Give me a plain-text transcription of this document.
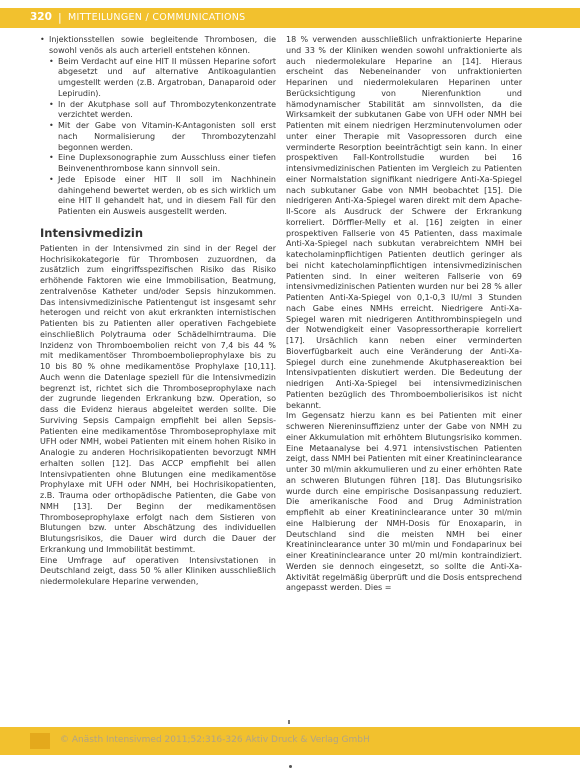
320 | MITTEILUNGEN / COMMUNICATIONS
• Injektionsstellen sowie begleitende Thrombosen, die sowohl venös als auch arteriell entstehen können.
• Beim Verdacht auf eine HIT II müssen Heparine sofort abgesetzt und auf alternative Antikoagulantien umgestellt werden (z.B. Argatroban, Danaparoid oder Lepirudin).
• In der Akutphase soll auf Thrombozytenkonzentrate verzichtet werden.
• Mit der Gabe von Vitamin-K-Antagonisten soll erst nach Normalisierung der Thrombozytenzahl begonnen werden.
• Eine Duplexsonographie zum Ausschluss einer tiefen Beinvenenthrombose kann sinnvoll sein.
• Jede Episode einer HIT II soll im Nachhinein dahingehend bewertet werden, ob es sich wirklich um eine HIT II gehandelt hat, und in diesem Fall für den Patienten ein Ausweis ausgestellt werden.
Intensivmedizin

Patienten in der Intensivmed zin sind in der Regel der Hochrisikokategorie für Thrombosen zuzuordnen, da zusätzlich zum eingriffsspezifischen Risiko das Risiko erhöhende Faktoren wie eine Immobilisation, Beatmung, zentralvenöse Katheter und/oder Sepsis hinzukommen. Das intensivmedizinische Patientengut ist insgesamt sehr heterogen und reicht von akut erkrankten internistischen Patienten bis zu Patienten aller operativen Fachgebiete einschließlich Polytrauma oder Schädelhirntrauma. Die Inzidenz von Thromboembolien reicht von 7,4 bis 44 % mit medikamentöser Thromboembolieprophylaxe bis zu 10 bis 80 % ohne medikamentöse Prophylaxe [10,11]. Auch wenn die Datenlage speziell für die Intensivmedizin begrenzt ist, richtet sich die Thromboseprophylaxe nach der zugrunde liegenden Erkrankung bzw. Operation, so dass die Evidenz hieraus abgeleitet werden sollte. Die Surviving Sepsis Campaign empfiehlt bei allen Sepsis-Patienten eine medikamentöse Thromboseprophylaxe mit UFH oder NMH, wobei Patienten mit einem hohen Risiko in Analogie zu anderen Hochrisikopatienten bevorzugt NMH erhalten sollen [12]. Das ACCP empfiehlt bei allen Intensivpatienten ohne Blutungen eine medikamentöse Prophylaxe mit UFH oder NMH, bei Hochrisikopatienten, z.B. Trauma oder orthopädische Patienten, die Gabe von NMH [13]. Der Beginn der medikamentösen Thromboseprophylaxe erfolgt nach dem Sistieren von Blutungen bzw. unter Abschätzung des individuellen Blutungsrisikos, die Dauer wird durch die Dauer der Erkrankung und Immobilität bestimmt.

Eine Umfrage auf operativen Intensivstationen in Deutschland zeigt, dass 50 % aller Kliniken ausschließlich niedermolekulare Heparine verwenden,

18 % verwenden ausschließlich unfraktionierte Heparine und 33 % der Kliniken wenden sowohl unfraktionierte als auch niedermolekulare Heparine an [14]. Hieraus erscheint das Nebeneinander von unfraktionierten Heparinen und niedermolekularen Heparinen unter Berücksichtigung von Nierenfunktion und hämodynamischer Stabilität am sinnvollsten, da die Wirksamkeit der subkutanen Gabe von UFH oder NMH bei Patienten mit einem niedrigen Herzminutenvolumen oder unter einer Therapie mit Vasopressoren durch eine verminderte Resorption beeinträchtigt sein kann. In einer prospektiven Fall-Kontrollstudie wurden bei 16 intensivmedizinischen Patienten im Vergleich zu Patienten einer Normalstation signifikant niedrigere Anti-Xa-Spiegel nach subkutaner Gabe von NMH beobachtet [15]. Die niedrigeren Anti-Xa-Spiegel waren direkt mit dem Apache-II-Score als Ausdruck der Schwere der Erkrankung korreliert. Dörffler-Melly et al. [16] zeigten in einer prospektiven Fallserie von 45 Patienten, dass maximale Anti-Xa-Spiegel nach subkutan verabreichtem NMH bei katecholaminpflichtigen Patienten deutlich geringer als bei nicht katecholaminpflichtigen intensivmedizinischen Patienten sind. In einer weiteren Fallserie von 69 intensivmedizinischen Patienten wurden nur bei 28 % aller Patienten Anti-Xa-Spiegel von 0,1-0,3 IU/ml 3 Stunden nach Gabe eines NMHs erreicht. Niedrigere Anti-Xa-Spiegel waren mit niedrigeren Antithrombinspiegeln und der Notwendigkeit einer Vasopressortherapie korreliert [17]. Ursächlich kann neben einer verminderten Bioverfügbarkeit auch eine Veränderung der Anti-Xa-Spiegel durch eine zunehmende Akutphasereaktion bei Intensivpatienten diskutiert werden. Die Bedeutung der niedrigen Anti-Xa-Spiegel bei intensivmedizinischen Patienten bezüglich des Thromboembolierisikos ist nicht bekannt.

Im Gegensatz hierzu kann es bei Patienten mit einer schweren Niereninsuffizienz unter der Gabe von NMH zu einer Akkumulation mit erhöhtem Blutungsrisiko kommen. Eine Metaanalyse bei 4.971 intensivstischen Patienten zeigt, dass NMH bei Patienten mit einer Kreatininclearance unter 30 ml/min akkumulieren und zu einer erhöhten Rate an schweren Blutungen führen [18]. Das Blutungsrisiko wurde durch eine empirische Dosisanpassung reduziert. Die amerikanische Food and Drug Administration empfiehlt ab einer Kreatininclearance unter 30 ml/min eine Halbierung der NMH-Dosis für Enoxaparin, in Deutschland sind die meisten NMH bei einer Kreatininclearance unter 30 ml/min und Fondaparinux bei einer Kreatininclearance unter 20 ml/min kontraindiziert. Werden sie dennoch eingesetzt, so sollte die Anti-Xa-Aktivität regelmäßig überprüft und die Dosis entsprechend angepasst werden. Dies =

© Anästh Intensivmed 2011;52:316-326 Aktiv Druck & Verlag GmbH
